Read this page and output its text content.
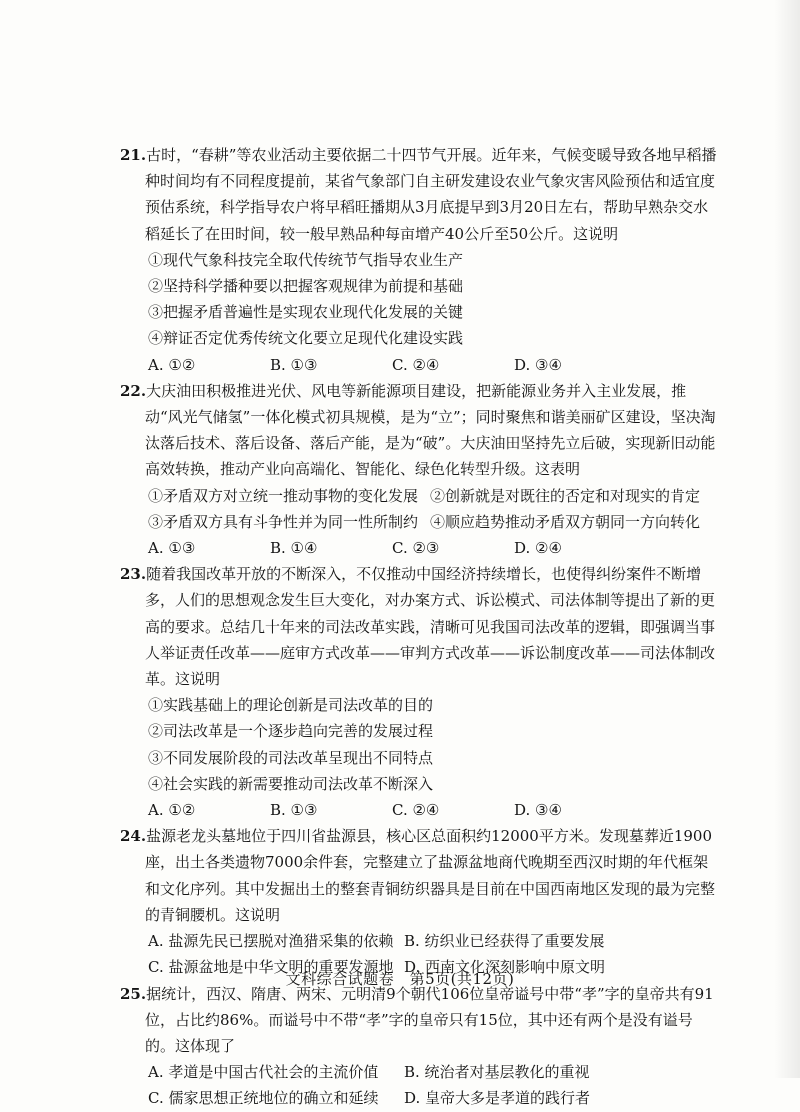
21.古时，“春耕”等农业活动主要依据二十四节气开展。近年来，气候变暖导致各地早稻播种时间均有不同程度提前，某省气象部门自主研发建设农业气象灾害风险预估和适宜度预估系统，科学指导农户将早稻旺播期从3月底提早到3月20日左右，帮助早熟杂交水稻延长了在田时间，较一般早熟品种每亩增产40公斤至50公斤。这说明

①现代气象科技完全取代传统节气指导农业生产

②坚持科学播种要以把握客观规律为前提和基础

③把握矛盾普遍性是实现农业现代化发展的关键

④辩证否定优秀传统文化要立足现代化建设实践

A. ①②	B. ①③	C. ②④	D. ③④

22.大庆油田积极推进光伏、风电等新能源项目建设，把新能源业务并入主业发展，推动“风光气储氢”一体化模式初具规模，是为“立”；同时聚焦和谐美丽矿区建设，坚决淘汰落后技术、落后设备、落后产能，是为“破”。大庆油田坚持先立后破，实现新旧动能高效转换，推动产业向高端化、智能化、绿色化转型升级。这表明

①矛盾双方对立统一推动事物的变化发展 ②创新就是对既往的否定和对现实的肯定
③矛盾双方具有斗争性并为同一性所制约 ④顺应趋势推动矛盾双方朝同一方向转化
A. ①③	B. ①④	C. ②③	D. ②④

23.随着我国改革开放的不断深入，不仅推动中国经济持续增长，也使得纠纷案件不断增多，人们的思想观念发生巨大变化，对办案方式、诉讼模式、司法体制等提出了新的更高的要求。总结几十年来的司法改革实践，清晰可见我国司法改革的逻辑，即强调当事人举证责任改革——庭审方式改革——审判方式改革——诉讼制度改革——司法体制改革。这说明

①实践基础上的理论创新是司法改革的目的

②司法改革是一个逐步趋向完善的发展过程

③不同发展阶段的司法改革呈现出不同特点

④社会实践的新需要推动司法改革不断深入

A. ①②	B. ①③	C. ②④	D. ③④

24.盐源老龙头墓地位于四川省盐源县，核心区总面积约12000平方米。发现墓葬近1900座，出土各类遗物7000余件套，完整建立了盐源盆地商代晚期至西汉时期的年代框架和文化序列。其中发掘出土的整套青铜纺织器具是目前在中国西南地区发现的最为完整的青铜腰机。这说明

A. 盐源先民已摆脱对渔猎采集的依赖 B. 纺织业已经获得了重要发展
C. 盐源盆地是中华文明的重要发源地 D. 西南文化深刻影响中原文明

25.据统计，西汉、隋唐、两宋、元明清9个朝代106位皇帝谥号中带“孝”字的皇帝共有91位，占比约86%。而谥号中不带“孝”字的皇帝只有15位，其中还有两个是没有谥号的。这体现了

A. 孝道是中国古代社会的主流价值	B. 统治者对基层教化的重视
C. 儒家思想正统地位的确立和延续	D. 皇帝大多是孝道的践行者
文科综合试题卷　第5页(共12页)
